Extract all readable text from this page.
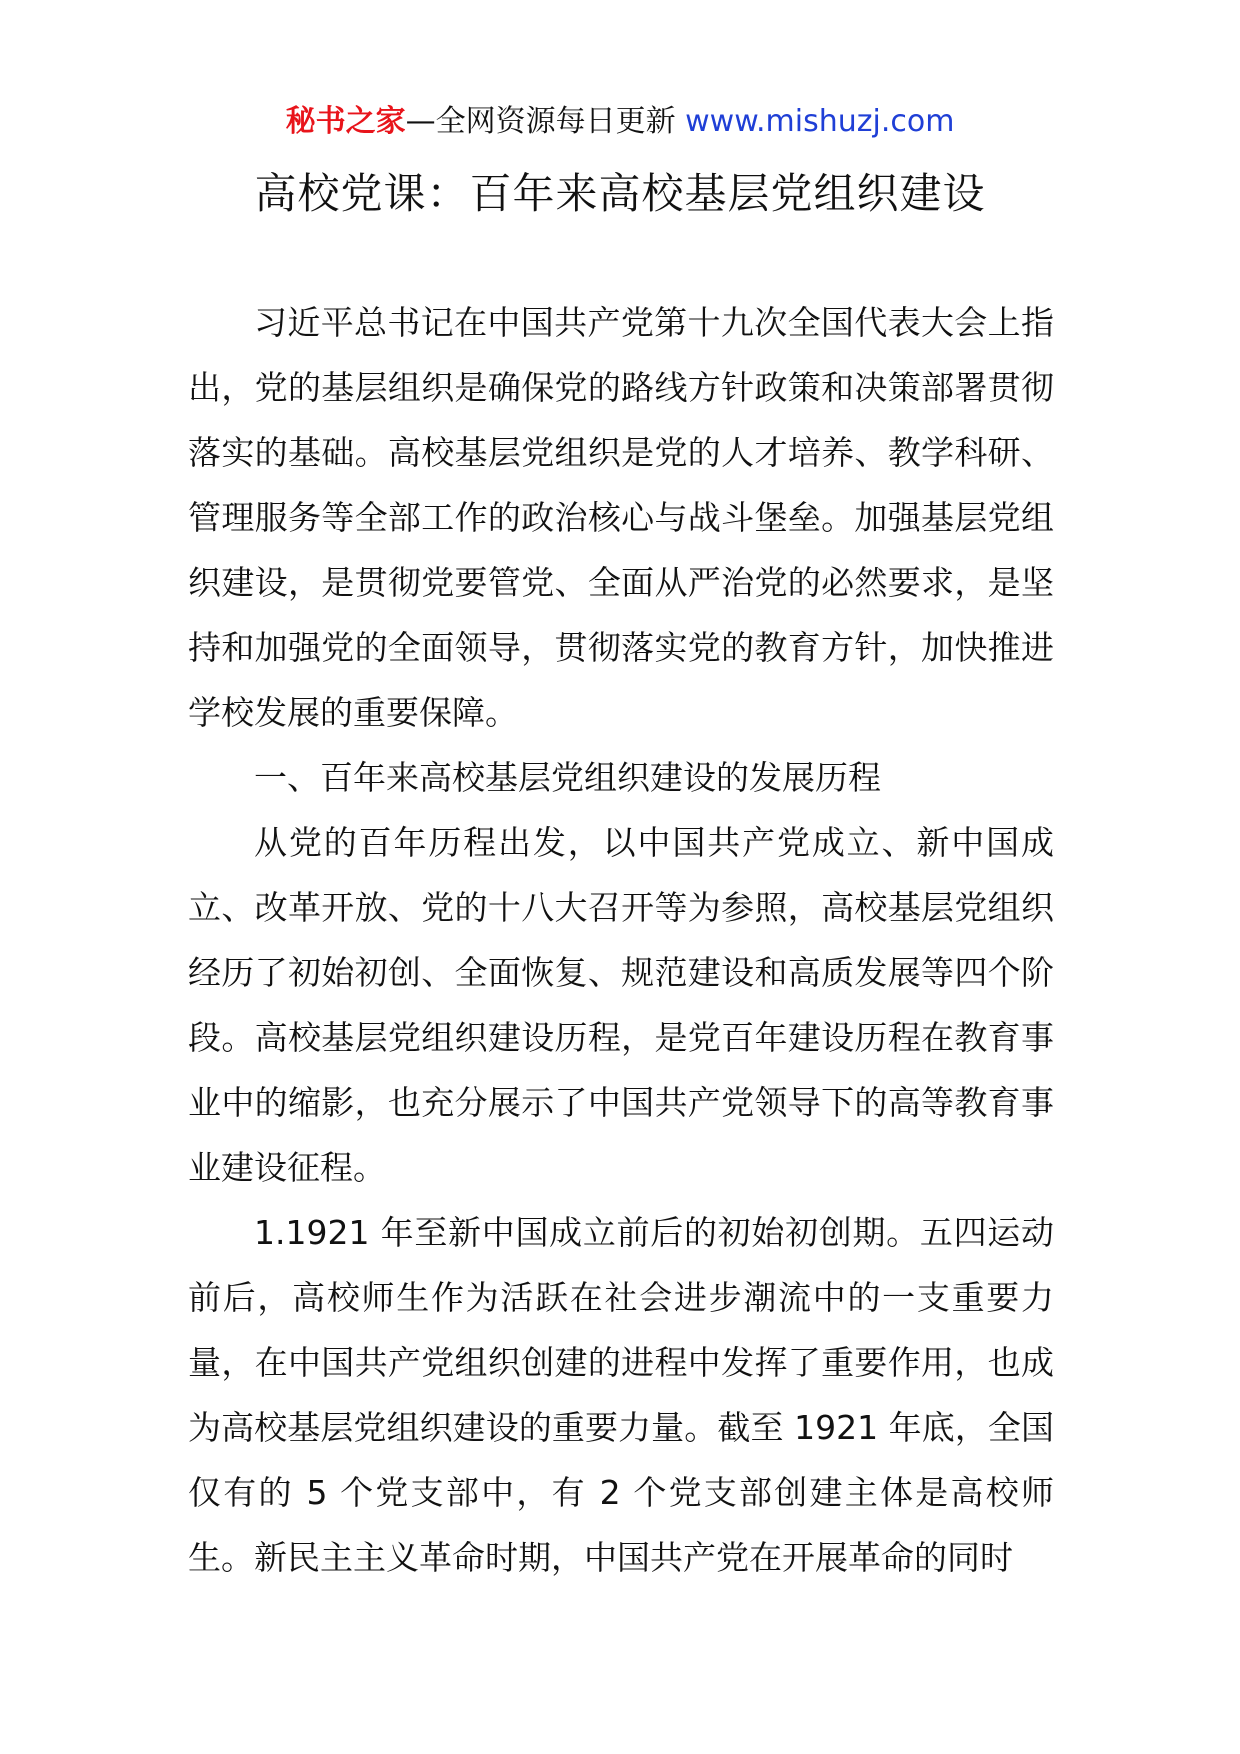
秘书之家—全网资源每日更新 www.mishuzj.com
高校党课：百年来高校基层党组织建设

习近平总书记在中国共产党第十九次全国代表大会上指出，党的基层组织是确保党的路线方针政策和决策部署贯彻落实的基础。高校基层党组织是党的人才培养、教学科研、管理服务等全部工作的政治核心与战斗堡垒。加强基层党组织建设，是贯彻党要管党、全面从严治党的必然要求，是坚持和加强党的全面领导，贯彻落实党的教育方针，加快推进学校发展的重要保障。

一、百年来高校基层党组织建设的发展历程

从党的百年历程出发，以中国共产党成立、新中国成立、改革开放、党的十八大召开等为参照，高校基层党组织经历了初始初创、全面恢复、规范建设和高质发展等四个阶段。高校基层党组织建设历程，是党百年建设历程在教育事业中的缩影，也充分展示了中国共产党领导下的高等教育事业建设征程。

1.1921 年至新中国成立前后的初始初创期。五四运动前后，高校师生作为活跃在社会进步潮流中的一支重要力量，在中国共产党组织创建的进程中发挥了重要作用，也成为高校基层党组织建设的重要力量。截至 1921 年底，全国仅有的 5 个党支部中，有 2 个党支部创建主体是高校师生。新民主主义革命时期，中国共产党在开展革命的同时
